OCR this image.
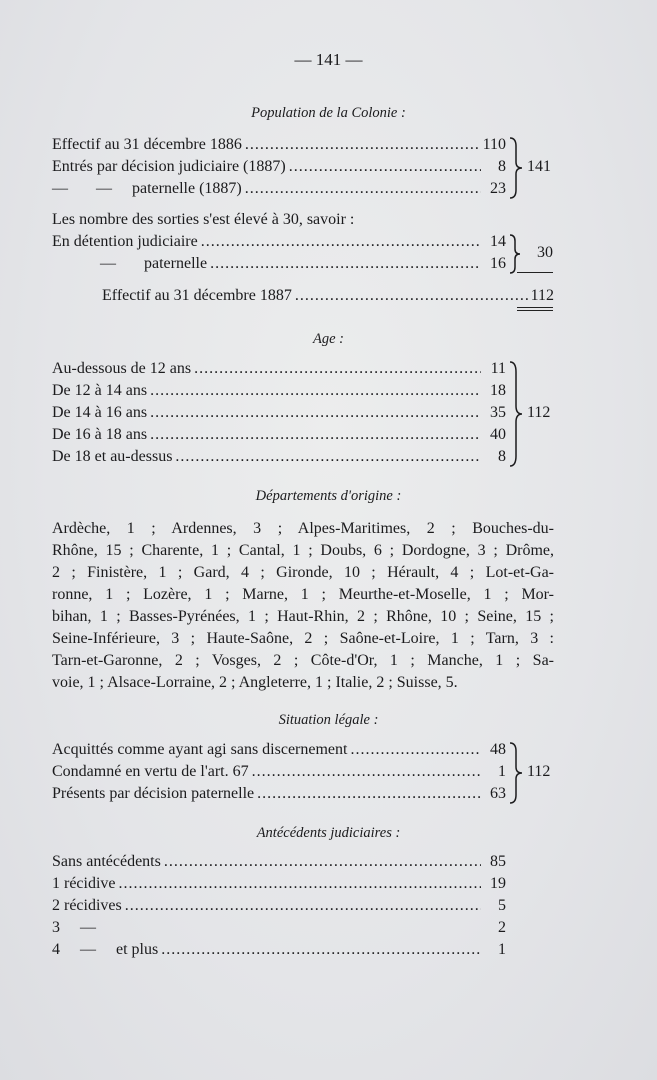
— 141 —
Population de la Colonie :
Effectif au 31 décembre 1886 .....	110
Entrés par décision judiciaire (1887) .....	8
—       —     paternelle (1887) .....	23
141
Les nombre des sorties s'est élevé à 30, savoir :
En détention judiciaire .....	14
—       paternelle .....	16
30
Effectif au 31 décembre 1887 .....	112
Age :
Au-dessous de 12 ans .....	11
De 12 à 14 ans .....	18
De 14 à 16 ans .....	35
De 16 à 18 ans .....	40
De 18 et au-dessus .....	8
112
Départements d'origine :
Ardèche, 1 ; Ardennes, 3 ; Alpes-Maritimes, 2 ; Bouches-du-
Rhône, 15 ; Charente, 1 ; Cantal, 1 ; Doubs, 6 ; Dordogne, 3 ; Drôme,
2 ; Finistère, 1 ; Gard, 4 ; Gironde, 10 ; Hérault, 4 ; Lot-et-Ga-
ronne, 1 ; Lozère, 1 ; Marne, 1 ; Meurthe-et-Moselle, 1 ; Mor-
bihan, 1 ; Basses-Pyrénées, 1 ; Haut-Rhin, 2 ; Rhône, 10 ; Seine, 15 ;
Seine-Inférieure, 3 ; Haute-Saône, 2 ; Saône-et-Loire, 1 ; Tarn, 3 :
Tarn-et-Garonne, 2 ; Vosges, 2 ; Côte-d'Or, 1 ; Manche, 1 ; Sa-
voie, 1 ; Alsace-Lorraine, 2 ; Angleterre, 1 ; Italie, 2 ; Suisse, 5.
Situation légale :
Acquittés comme ayant agi sans discernement .....	48
Condamné en vertu de l'art. 67 .....	1
Présents par décision paternelle .....	63
112
Antécédents judiciaires :
Sans antécédents .....	85
1 récidive .....	19
2 récidives .....	5
3     —	2
4     —     et plus .....	1
